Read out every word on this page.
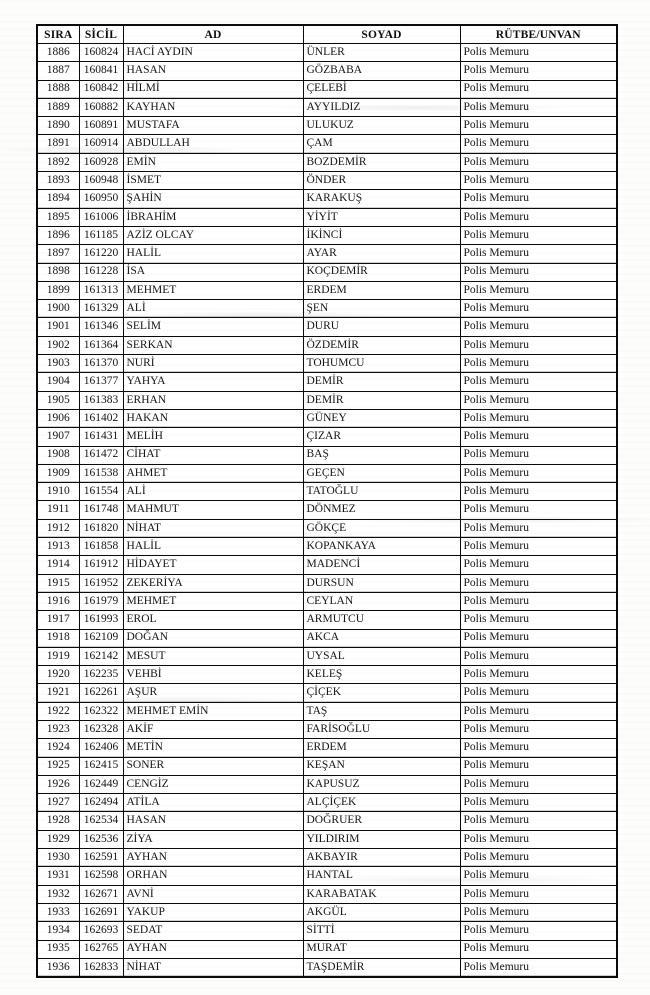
SIRA	SİCİL	AD	SOYAD	RÜTBE/UNVAN
1886	160824	HACİ AYDIN	ÜNLER	Polis Memuru
1887	160841	HASAN	GÖZBABA	Polis Memuru
1888	160842	HİLMİ	ÇELEBİ	Polis Memuru
1889	160882	KAYHAN	AYYILDIZ	Polis Memuru
1890	160891	MUSTAFA	ULUKUZ	Polis Memuru
1891	160914	ABDULLAH	ÇAM	Polis Memuru
1892	160928	EMİN	BOZDEMİR	Polis Memuru
1893	160948	İSMET	ÖNDER	Polis Memuru
1894	160950	ŞAHİN	KARAKUŞ	Polis Memuru
1895	161006	İBRAHİM	YİYİT	Polis Memuru
1896	161185	AZİZ OLCAY	İKİNCİ	Polis Memuru
1897	161220	HALİL	AYAR	Polis Memuru
1898	161228	İSA	KOÇDEMİR	Polis Memuru
1899	161313	MEHMET	ERDEM	Polis Memuru
1900	161329	ALİ	ŞEN	Polis Memuru
1901	161346	SELİM	DURU	Polis Memuru
1902	161364	SERKAN	ÖZDEMİR	Polis Memuru
1903	161370	NURİ	TOHUMCU	Polis Memuru
1904	161377	YAHYA	DEMİR	Polis Memuru
1905	161383	ERHAN	DEMİR	Polis Memuru
1906	161402	HAKAN	GÜNEY	Polis Memuru
1907	161431	MELİH	ÇIZAR	Polis Memuru
1908	161472	CİHAT	BAŞ	Polis Memuru
1909	161538	AHMET	GEÇEN	Polis Memuru
1910	161554	ALİ	TATOĞLU	Polis Memuru
1911	161748	MAHMUT	DÖNMEZ	Polis Memuru
1912	161820	NİHAT	GÖKÇE	Polis Memuru
1913	161858	HALİL	KOPANKAYA	Polis Memuru
1914	161912	HİDAYET	MADENCİ	Polis Memuru
1915	161952	ZEKERİYA	DURSUN	Polis Memuru
1916	161979	MEHMET	CEYLAN	Polis Memuru
1917	161993	EROL	ARMUTCU	Polis Memuru
1918	162109	DOĞAN	AKCA	Polis Memuru
1919	162142	MESUT	UYSAL	Polis Memuru
1920	162235	VEHBİ	KELEŞ	Polis Memuru
1921	162261	AŞUR	ÇİÇEK	Polis Memuru
1922	162322	MEHMET EMİN	TAŞ	Polis Memuru
1923	162328	AKİF	FARİSOĞLU	Polis Memuru
1924	162406	METİN	ERDEM	Polis Memuru
1925	162415	SONER	KEŞAN	Polis Memuru
1926	162449	CENGİZ	KAPUSUZ	Polis Memuru
1927	162494	ATİLA	ALÇİÇEK	Polis Memuru
1928	162534	HASAN	DOĞRUER	Polis Memuru
1929	162536	ZİYA	YILDIRIM	Polis Memuru
1930	162591	AYHAN	AKBAYIR	Polis Memuru
1931	162598	ORHAN	HANTAL	Polis Memuru
1932	162671	AVNİ	KARABATAK	Polis Memuru
1933	162691	YAKUP	AKGÜL	Polis Memuru
1934	162693	SEDAT	SİTTİ	Polis Memuru
1935	162765	AYHAN	MURAT	Polis Memuru
1936	162833	NİHAT	TAŞDEMİR	Polis Memuru
